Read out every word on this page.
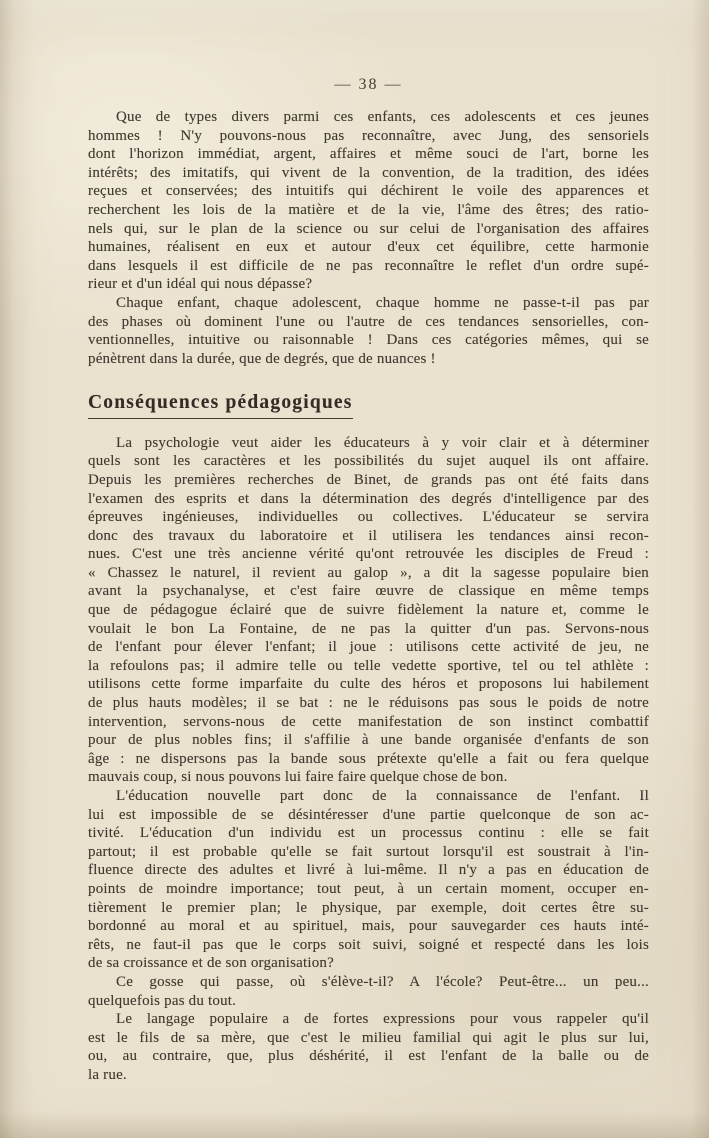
— 38 —
Que de types divers parmi ces enfants, ces adolescents et ces jeunes
hommes ! N'y pouvons-nous pas reconnaître, avec Jung, des sensoriels
dont l'horizon immédiat, argent, affaires et même souci de l'art, borne les
intérêts; des imitatifs, qui vivent de la convention, de la tradition, des idées
reçues et conservées; des intuitifs qui déchirent le voile des apparences et
recherchent les lois de la matière et de la vie, l'âme des êtres; des ratio-
nels qui, sur le plan de la science ou sur celui de l'organisation des affaires
humaines, réalisent en eux et autour d'eux cet équilibre, cette harmonie
dans lesquels il est difficile de ne pas reconnaître le reflet d'un ordre supé-
rieur et d'un idéal qui nous dépasse?
Chaque enfant, chaque adolescent, chaque homme ne passe-t-il pas par
des phases où dominent l'une ou l'autre de ces tendances sensorielles, con-
ventionnelles, intuitive ou raisonnable ! Dans ces catégories mêmes, qui se
pénètrent dans la durée, que de degrés, que de nuances !
Conséquences pédagogiques
La psychologie veut aider les éducateurs à y voir clair et à déterminer
quels sont les caractères et les possibilités du sujet auquel ils ont affaire.
Depuis les premières recherches de Binet, de grands pas ont été faits dans
l'examen des esprits et dans la détermination des degrés d'intelligence par des
épreuves ingénieuses, individuelles ou collectives. L'éducateur se servira
donc des travaux du laboratoire et il utilisera les tendances ainsi recon-
nues. C'est une très ancienne vérité qu'ont retrouvée les disciples de Freud :
« Chassez le naturel, il revient au galop », a dit la sagesse populaire bien
avant la psychanalyse, et c'est faire œuvre de classique en même temps
que de pédagogue éclairé que de suivre fidèlement la nature et, comme le
voulait le bon La Fontaine, de ne pas la quitter d'un pas. Servons-nous
de l'enfant pour élever l'enfant; il joue : utilisons cette activité de jeu, ne
la refoulons pas; il admire telle ou telle vedette sportive, tel ou tel athlète :
utilisons cette forme imparfaite du culte des héros et proposons lui habilement
de plus hauts modèles; il se bat : ne le réduisons pas sous le poids de notre
intervention, servons-nous de cette manifestation de son instinct combattif
pour de plus nobles fins; il s'affilie à une bande organisée d'enfants de son
âge : ne dispersons pas la bande sous prétexte qu'elle a fait ou fera quelque
mauvais coup, si nous pouvons lui faire faire quelque chose de bon.
L'éducation nouvelle part donc de la connaissance de l'enfant. Il
lui est impossible de se désintéresser d'une partie quelconque de son ac-
tivité. L'éducation d'un individu est un processus continu : elle se fait
partout; il est probable qu'elle se fait surtout lorsqu'il est soustrait à l'in-
fluence directe des adultes et livré à lui-même. Il n'y a pas en éducation de
points de moindre importance; tout peut, à un certain moment, occuper en-
tièrement le premier plan; le physique, par exemple, doit certes être su-
bordonné au moral et au spirituel, mais, pour sauvegarder ces hauts inté-
rêts, ne faut-il pas que le corps soit suivi, soigné et respecté dans les lois
de sa croissance et de son organisation?
Ce gosse qui passe, où s'élève-t-il? A l'école? Peut-être... un peu...
quelquefois pas du tout.
Le langage populaire a de fortes expressions pour vous rappeler qu'il
est le fils de sa mère, que c'est le milieu familial qui agit le plus sur lui,
ou, au contraire, que, plus déshérité, il est l'enfant de la balle ou de
la rue.
